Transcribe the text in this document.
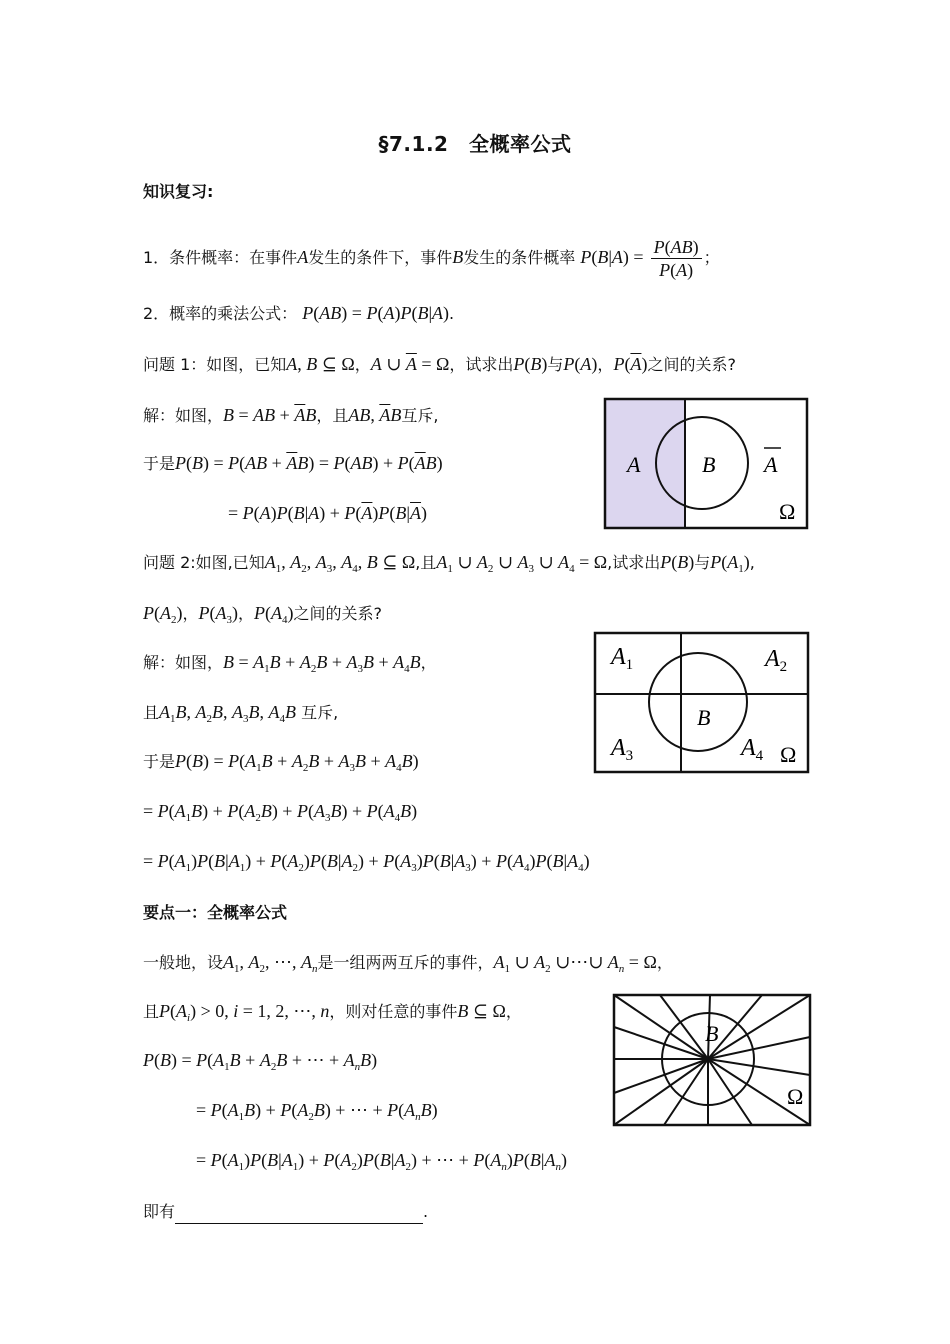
§7.1.2　全概率公式
知识复习:
1．条件概率：在事件A发生的条件下，事件B发生的条件概率 $P(B|A) = \frac{P(AB)}{P(A)}$ ；
2．概率的乘法公式： P(AB) = P(A)P(B|A).
问题 1：如图，已知A, B ⊆ Ω，A ∪ $\overline{A} = \Omega$，试求出P(B)与P(A)，$P(\overline{A})$之间的关系?
解：如图，B = AB + $\overline{A}B$，且AB, $\overline{A}B$互斥,
于是$P(B) = P(AB + \overline{A}B) = P(AB) + P(\overline{A}B)$
= $P(A)P(B|A) + P(\overline{A})P(B|\overline{A})$
A	B A
Ω
问题 2:如图,已知$A_1$, $A_2$, $A_3$, $A_4$, B ⊆ Ω,且$A_1$ ∪ $A_2$ ∪ $A_3$ ∪ $A_4 = \Omega$,试求出P(B)与$P(A_1)$,
$P(A_2)$，$P(A_3)$，$P(A_4)$之间的关系?
解：如图，$B = A_1B + A_2B + A_3B + A_4B$，
且$A_1B$, $A_2B$, $A_3B$, $A_4B$ 互斥,
于是$P(B) = P(A_1B + A_2B + A_3B + A_4B)$
= $P(A_1B) + P(A_2B) + P(A_3B) + P(A_4B)$
= $P(A_1)P(B|A_1) + P(A_2)P(B|A_2) + P(A_3)P(B|A_3) + P(A_4)P(B|A_4)$
$A_1$	$A_2$
$A_3$	$A_4$
B
Ω
要点一：全概率公式
一般地，设$A_1$, $A_2$, ⋯, $A_n$是一组两两互斥的事件，$A_1$ ∪ $A_2$ ∪⋯∪ $A_n = \Omega$，
且$P(A_i) > 0$, i = 1, 2, ⋯, n，则对任意的事件B ⊆ Ω，
$P(B) = P(A_1B + A_2B$ + ⋯ + $A_nB$)
= $P(A_1B) + P(A_2B)$ + ⋯ + $P(A_nB)$
= $P(A_1)P(B|A_1) + P(A_2)P(B|A_2)$ + ⋯ + $P(A_n)P(B|A_n)$
B
Ω
即有	.
